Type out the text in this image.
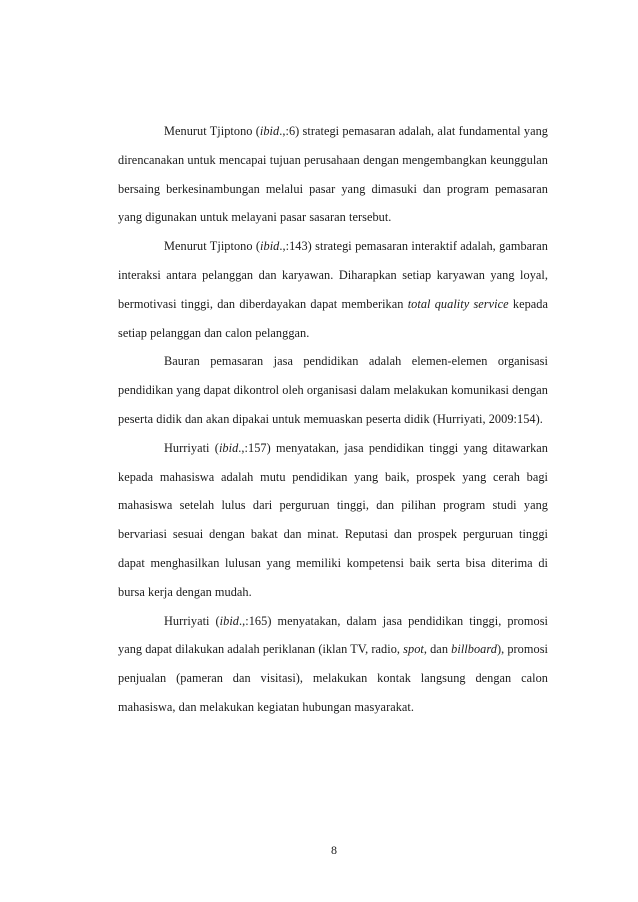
Menurut Tjiptono (ibid.,:6) strategi pemasaran adalah, alat fundamental yang direncanakan untuk mencapai tujuan perusahaan dengan mengembangkan keunggulan bersaing berkesinambungan melalui pasar yang dimasuki dan program pemasaran yang digunakan untuk melayani pasar sasaran tersebut.

Menurut Tjiptono (ibid.,:143) strategi pemasaran interaktif adalah, gambaran interaksi antara pelanggan dan karyawan. Diharapkan setiap karyawan yang loyal, bermotivasi tinggi, dan diberdayakan dapat memberikan total quality service kepada setiap pelanggan dan calon pelanggan.

Bauran pemasaran jasa pendidikan adalah elemen-elemen organisasi pendidikan yang dapat dikontrol oleh organisasi dalam melakukan komunikasi dengan peserta didik dan akan dipakai untuk memuaskan peserta didik (Hurriyati, 2009:154).

Hurriyati (ibid.,:157) menyatakan, jasa pendidikan tinggi yang ditawarkan kepada mahasiswa adalah mutu pendidikan yang baik, prospek yang cerah bagi mahasiswa setelah lulus dari perguruan tinggi, dan pilihan program studi yang bervariasi sesuai dengan bakat dan minat. Reputasi dan prospek perguruan tinggi dapat menghasilkan lulusan yang memiliki kompetensi baik serta bisa diterima di bursa kerja dengan mudah.

Hurriyati (ibid.,:165) menyatakan, dalam jasa pendidikan tinggi, promosi yang dapat dilakukan adalah periklanan (iklan TV, radio, spot, dan billboard), promosi penjualan (pameran dan visitasi), melakukan kontak langsung dengan calon mahasiswa, dan melakukan kegiatan hubungan masyarakat.

8
